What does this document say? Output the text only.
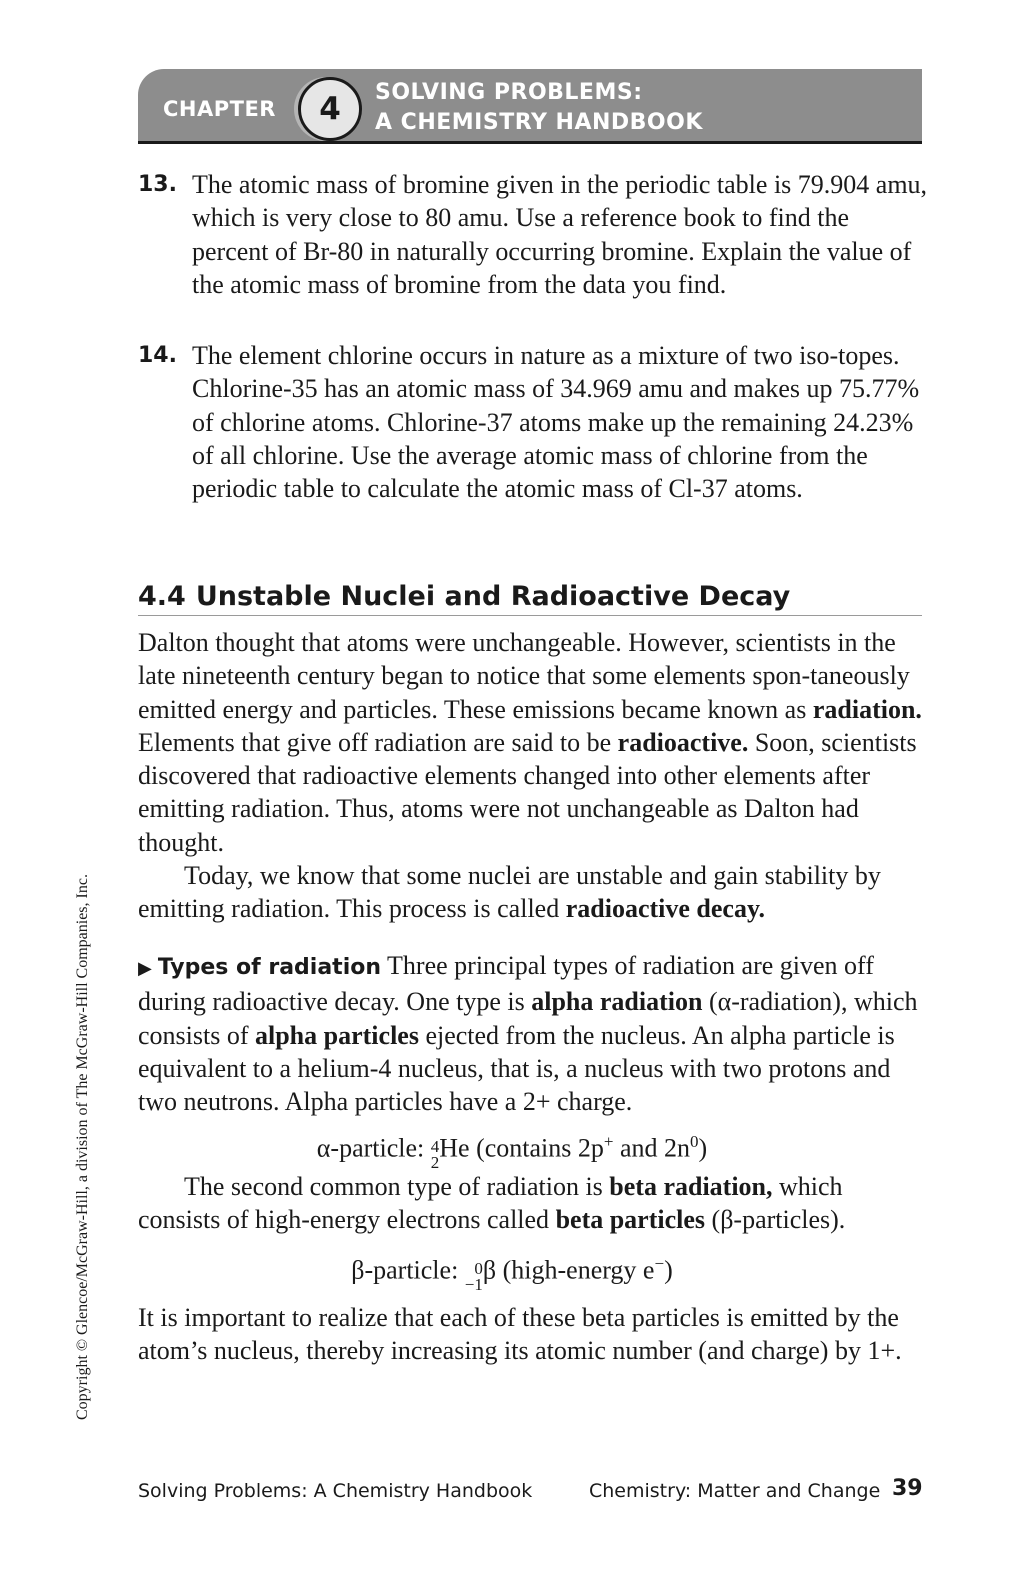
CHAPTER	4	SOLVING PROBLEMS:
A CHEMISTRY HANDBOOK
13. The atomic mass of bromine given in the periodic table is 79.904 amu, which is very close to 80 amu. Use a reference book to find the percent of Br-80 in naturally occurring bromine. Explain the value of the atomic mass of bromine from the data you find.
14. The element chlorine occurs in nature as a mixture of two iso-topes. Chlorine-35 has an atomic mass of 34.969 amu and makes up 75.77% of chlorine atoms. Chlorine-37 atoms make up the remaining 24.23% of all chlorine. Use the average atomic mass of chlorine from the periodic table to calculate the atomic mass of Cl-37 atoms.
4.4 Unstable Nuclei and Radioactive Decay

Dalton thought that atoms were unchangeable. However, scientists in the late nineteenth century began to notice that some elements spon-taneously emitted energy and particles. These emissions became known as radiation. Elements that give off radiation are said to be radioactive. Soon, scientists discovered that radioactive elements changed into other elements after emitting radiation. Thus, atoms were not unchangeable as Dalton had thought.

Today, we know that some nuclei are unstable and gain stability by emitting radiation. This process is called radioactive decay.

▶ Types of radiation Three principal types of radiation are given off during radioactive decay. One type is alpha radiation (α-radiation), which consists of alpha particles ejected from the nucleus. An alpha particle is equivalent to a helium-4 nucleus, that is, a nucleus with two protons and two neutrons. Alpha particles have a 2+ charge.

α-particle: 4
2 He (contains 2p+ and $2n^0$)

The second common type of radiation is beta radiation, which consists of high-energy electrons called beta particles (β-particles).

β-particle: 0
−1 β (high-energy e−)
It is important to realize that each of these beta particles is emitted by the atom’s nucleus, thereby increasing its atomic number (and charge) by 1+.
Copyright © Glencoe/McGraw-Hill, a division of The McGraw-Hill Companies, Inc.
Solving Problems: A Chemistry Handbook	Chemistry: Matter and Change 39
